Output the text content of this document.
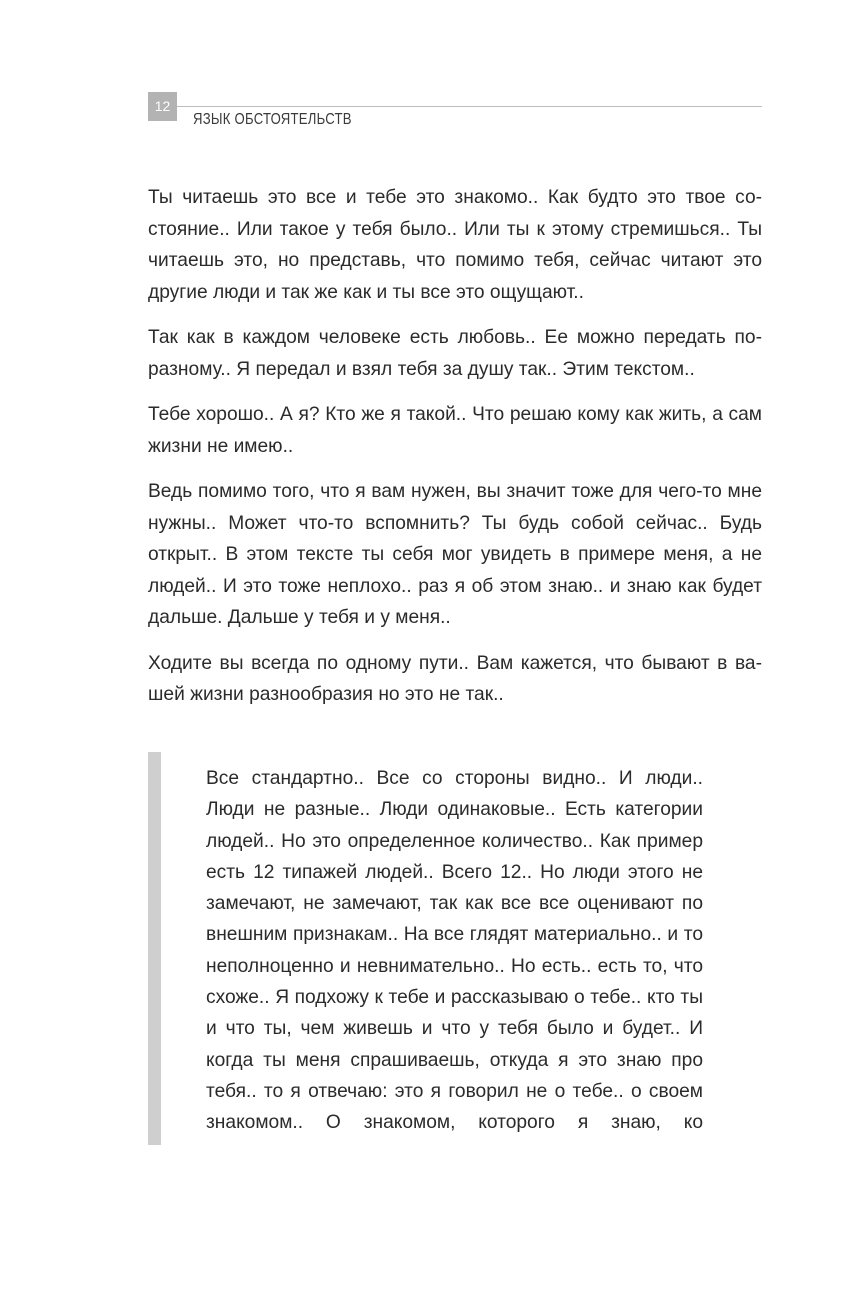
12
ЯЗЫК ОБСТОЯТЕЛЬСТВ

Ты читаешь это все и тебе это знакомо.. Как будто это твое состояние.. Или такое у тебя было.. Или ты к этому стремишься.. Ты читаешь это, но представь, что помимо тебя, сейчас читают это другие люди и так же как и ты все это ощущают..

Так как в каждом человеке есть любовь.. Ее можно передать по-разному.. Я передал и взял тебя за душу так.. Этим текстом..

Тебе хорошо.. А я? Кто же я такой.. Что решаю кому как жить, а сам жизни не имею..

Ведь помимо того, что я вам нужен, вы значит тоже для чего-то мне нужны.. Может что-то вспомнить? Ты будь собой сейчас.. Будь открыт.. В этом тексте ты себя мог увидеть в примере меня, а не людей.. И это тоже неплохо.. раз я об этом знаю.. и знаю как будет дальше. Дальше у тебя и у меня..

Ходите вы всегда по одному пути.. Вам кажется, что бывают в вашей жизни разнообразия но это не так..

Все стандартно.. Все со стороны видно.. И люди.. Люди не разные.. Люди одинаковые.. Есть категории людей.. Но это определенное количество.. Как пример есть 12 типажей людей.. Всего 12.. Но люди этого не замечают, не замечают, так как все все оценивают по внешним признакам.. На все глядят материально.. и то неполноценно и невнимательно.. Но есть.. есть то, что схоже.. Я подхожу к тебе и рассказываю о тебе.. кто ты и что ты, чем живешь и что у тебя было и будет.. И когда ты меня спрашиваешь, откуда я это знаю про тебя.. то я отвечаю: это я говорил не о тебе.. о своем знакомом.. О знакомом, которого я знаю, ко
